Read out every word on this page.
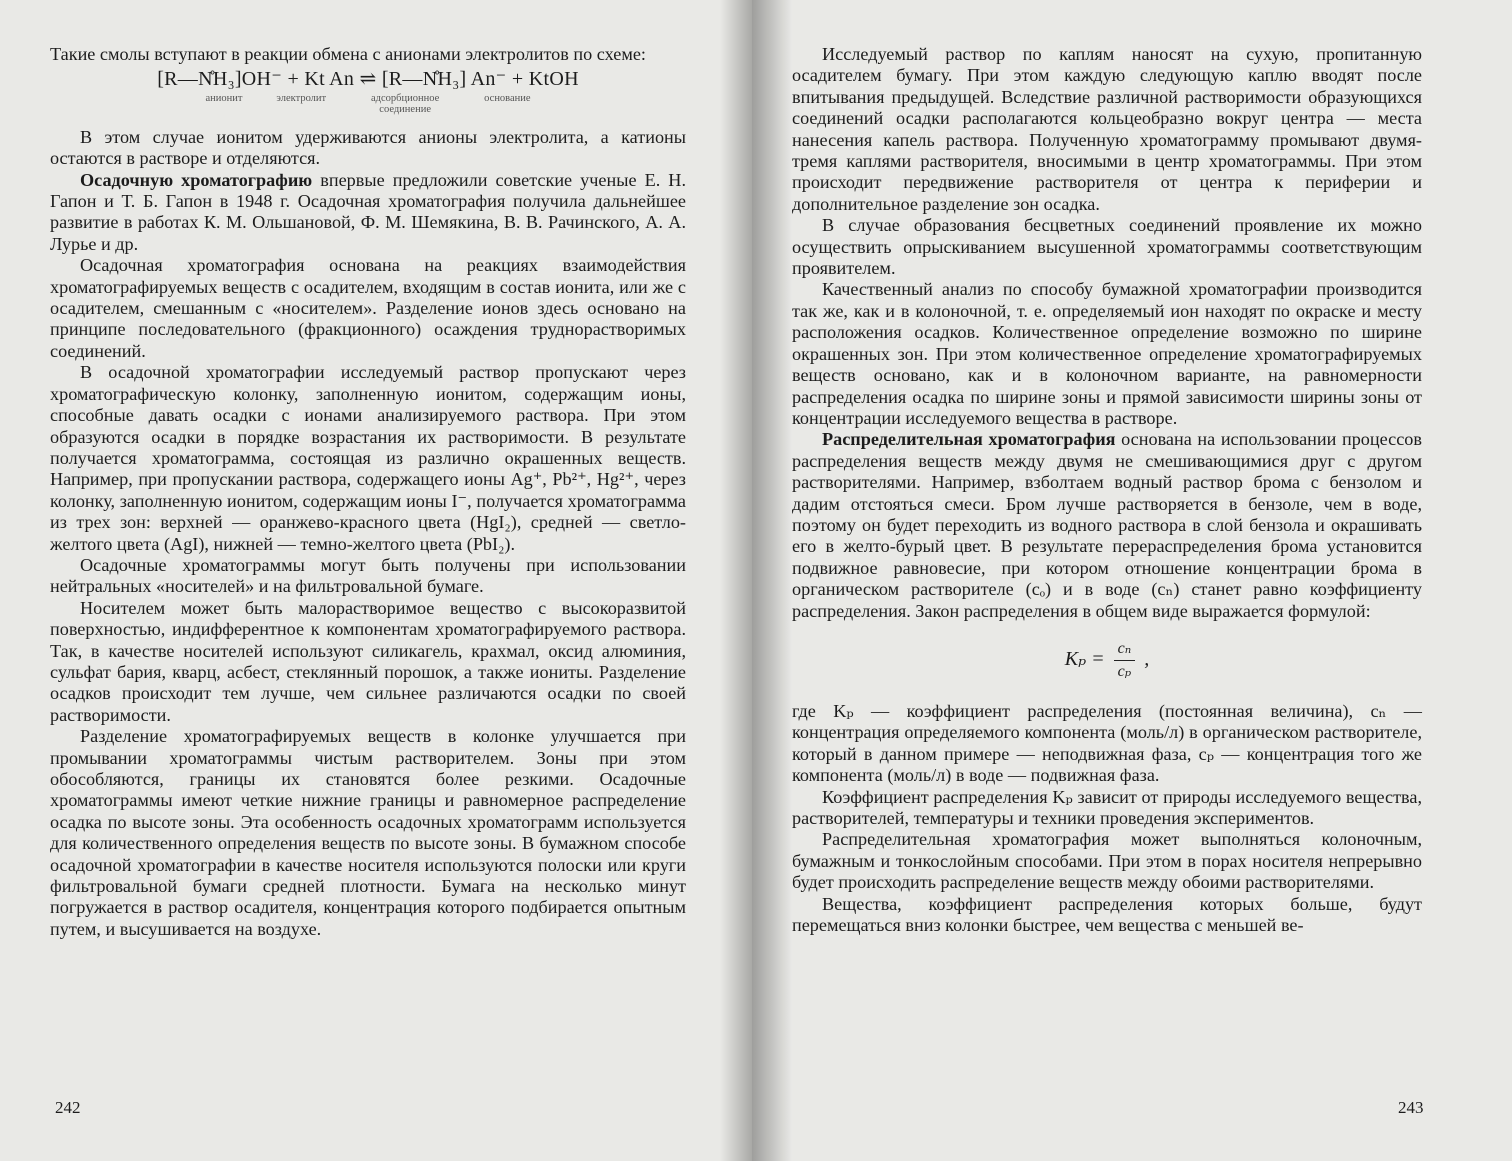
Такие смолы вступают в реакции обмена с анионами электролитов по схеме:

[R—N̊H₃]OH⁻ + Kt An ⇌ [R—N̊H₃] An⁻ + KtOH
анионит	электролит	адсорбционное соединение
основание

В этом случае ионитом удерживаются анионы электролита, а катионы остаются в растворе и отделяются.

Осадочную хроматографию впервые предложили советские ученые Е. Н. Гапон и Т. Б. Гапон в 1948 г. Осадочная хроматография получила дальнейшее развитие в работах К. М. Ольшановой, Ф. М. Шемякина, В. В. Рачинского, А. А. Лурье и др.

Осадочная хроматография основана на реакциях взаимодействия хроматографируемых веществ с осадителем, входящим в состав ионита, или же с осадителем, смешанным с «носителем». Разделение ионов здесь основано на принципе последовательного (фракционного) осаждения труднорастворимых соединений.

В осадочной хроматографии исследуемый раствор пропускают через хроматографическую колонку, заполненную ионитом, содержащим ионы, способные давать осадки с ионами анализируемого раствора. При этом образуются осадки в порядке возрастания их растворимости. В результате получается хроматограмма, состоящая из различно окрашенных веществ. Например, при пропускании раствора, содержащего ионы Ag⁺, Pb²⁺, Hg²⁺, через колонку, заполненную ионитом, содержащим ионы I⁻, получается хроматограмма из трех зон: верхней — оранжево-красного цвета (HgI₂), средней — светло-желтого цвета (AgI), нижней — темно-желтого цвета (PbI₂).

Осадочные хроматограммы могут быть получены при использовании нейтральных «носителей» и на фильтровальной бумаге.

Носителем может быть малорастворимое вещество с высокоразвитой поверхностью, индифферентное к компонентам хроматографируемого раствора. Так, в качестве носителей используют силикагель, крахмал, оксид алюминия, сульфат бария, кварц, асбест, стеклянный порошок, а также иониты. Разделение осадков происходит тем лучше, чем сильнее различаются осадки по своей растворимости.

Разделение хроматографируемых веществ в колонке улучшается при промывании хроматограммы чистым растворителем. Зоны при этом обособляются, границы их становятся более резкими. Осадочные хроматограммы имеют четкие нижние границы и равномерное распределение осадка по высоте зоны. Эта особенность осадочных хроматограмм используется для количественного определения веществ по высоте зоны. В бумажном способе осадочной хроматографии в качестве носителя используются полоски или круги фильтровальной бумаги средней плотности. Бумага на несколько минут погружается в раствор осадителя, концентрация которого подбирается опытным путем, и высушивается на воздухе.

242

Исследуемый раствор по каплям наносят на сухую, пропитанную осадителем бумагу. При этом каждую следующую каплю вводят после впитывания предыдущей. Вследствие различной растворимости образующихся соединений осадки располагаются кольцеобразно вокруг центра — места нанесения капель раствора. Полученную хроматограмму промывают двумя-тремя каплями растворителя, вносимыми в центр хроматограммы. При этом происходит передвижение растворителя от центра к периферии и дополнительное разделение зон осадка.

В случае образования бесцветных соединений проявление их можно осуществить опрыскиванием высушенной хроматограммы соответствующим проявителем.

Качественный анализ по способу бумажной хроматографии производится так же, как и в колоночной, т. е. определяемый ион находят по окраске и месту расположения осадков. Количественное определение возможно по ширине окрашенных зон. При этом количественное определение хроматографируемых веществ основано, как и в колоночном варианте, на равномерности распределения осадка по ширине зоны и прямой зависимости ширины зоны от концентрации исследуемого вещества в растворе.

Распределительная хроматография основана на использовании процессов распределения веществ между двумя не смешивающимися друг с другом растворителями. Например, взболтаем водный раствор брома с бензолом и дадим отстояться смеси. Бром лучше растворяется в бензоле, чем в воде, поэтому он будет переходить из водного раствора в слой бензола и окрашивать его в желто-бурый цвет. В результате перераспределения брома установится подвижное равновесие, при котором отношение концентрации брома в органическом растворителе (cₒ) и в воде (cₙ) станет равно коэффициенту распределения. Закон распределения в общем виде выражается формулой:

$K_p = \frac{\text{cₙ}}{\text{cₚ}}$ ,

где Kₚ — коэффициент распределения (постоянная величина), cₙ — концентрация определяемого компонента (моль/л) в органическом растворителе, который в данном примере — неподвижная фаза, cₚ — концентрация того же компонента (моль/л) в воде — подвижная фаза.

Коэффициент распределения Kₚ зависит от природы исследуемого вещества, растворителей, температуры и техники проведения экспериментов.

Распределительная хроматография может выполняться колоночным, бумажным и тонкослойным способами. При этом в порах носителя непрерывно будет происходить распределение веществ между обоими растворителями.

Вещества, коэффициент распределения которых больше, будут перемещаться вниз колонки быстрее, чем вещества с меньшей ве-

243
